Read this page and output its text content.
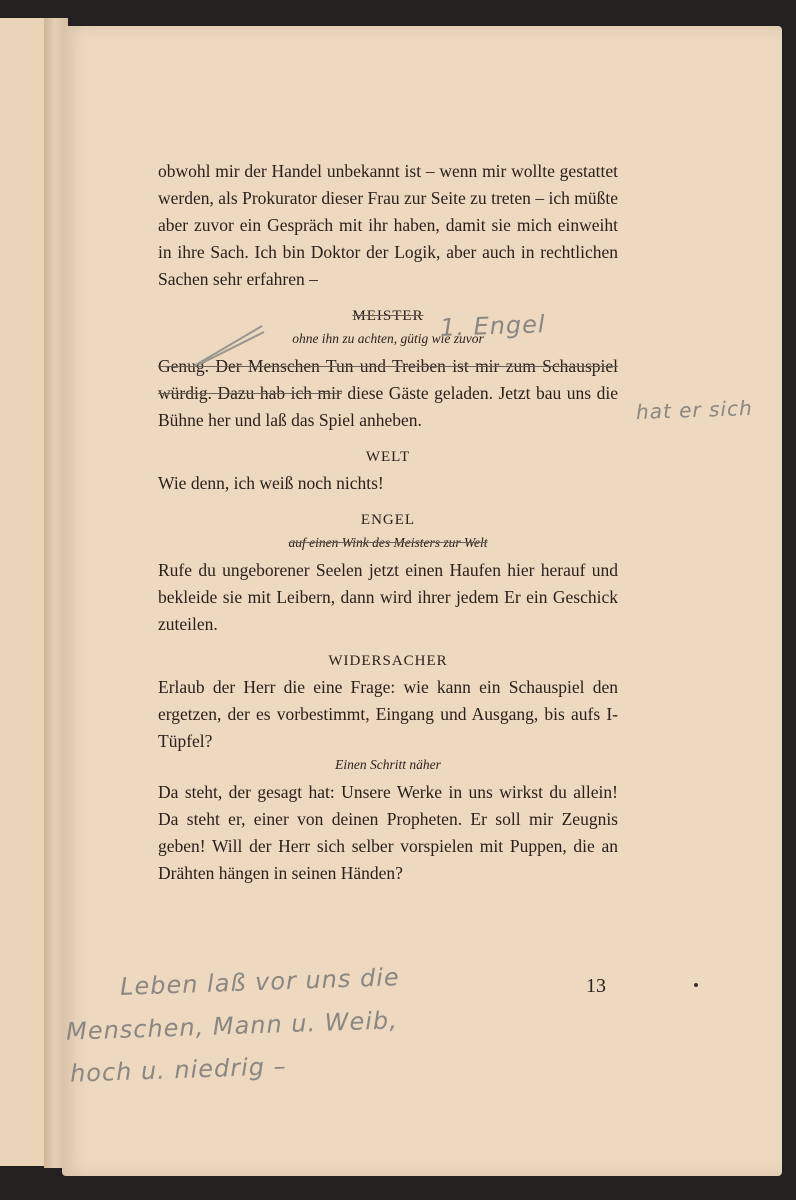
obwohl mir der Handel unbekannt ist – wenn mir wollte gestattet werden, als Prokurator dieser Frau zur Seite zu treten – ich müßte aber zuvor ein Gespräch mit ihr haben, damit sie mich einweiht in ihre Sach. Ich bin Doktor der Logik, aber auch in rechtlichen Sachen sehr erfahren –

MEISTER
ohne ihn zu achten, gütig wie zuvor

Genug. Der Menschen Tun und Treiben ist mir zum Schauspiel würdig. Dazu hab ich mir diese Gäste geladen. Jetzt bau uns die Bühne her und laß das Spiel anheben.

WELT

Wie denn, ich weiß noch nichts!

ENGEL
auf einen Wink des Meisters zur Welt

Rufe du ungeborener Seelen jetzt einen Haufen hier herauf und bekleide sie mit Leibern, dann wird ihrer jedem Er ein Geschick zuteilen.

WIDERSACHER

Erlaub der Herr die eine Frage: wie kann ein Schauspiel den ergetzen, der es vorbestimmt, Eingang und Ausgang, bis aufs I-Tüpfel?

Einen Schritt näher

Da steht, der gesagt hat: Unsere Werke in uns wirkst du allein! Da steht er, einer von deinen Propheten. Er soll mir Zeugnis geben! Will der Herr sich selber vorspielen mit Puppen, die an Drähten hängen in seinen Händen?

1. Engel
hat er sich
13
Leben laß vor uns die
Menschen, Mann u. Weib,
hoch u. niedrig –
